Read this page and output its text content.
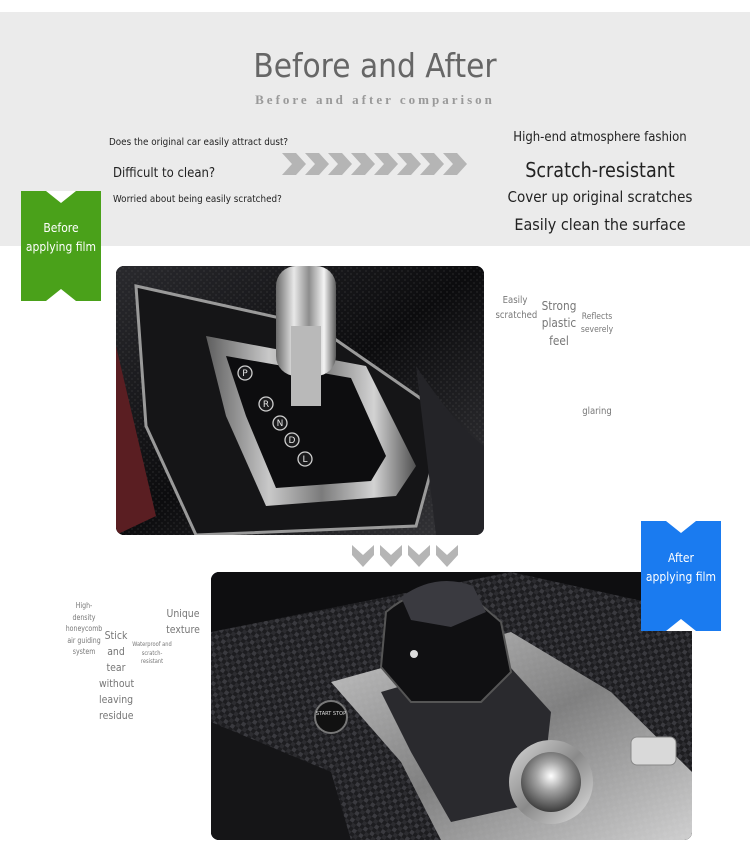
Before and After
Before and after comparison
Does the original car easily attract dust?
Difficult to clean?
Worried about being easily scratched?
High-end atmosphere fashion
Scratch-resistant
Cover up original scratches
Easily clean the surface
P
R
N
D
L
Before applying film
Easily scratched
Strong plastic feel
Reflects severely
glaring
START STOP
After applying film
High-density honeycomb air guiding system
Stick and tear without leaving residue
Waterproof and scratch-resistant
Unique texture
